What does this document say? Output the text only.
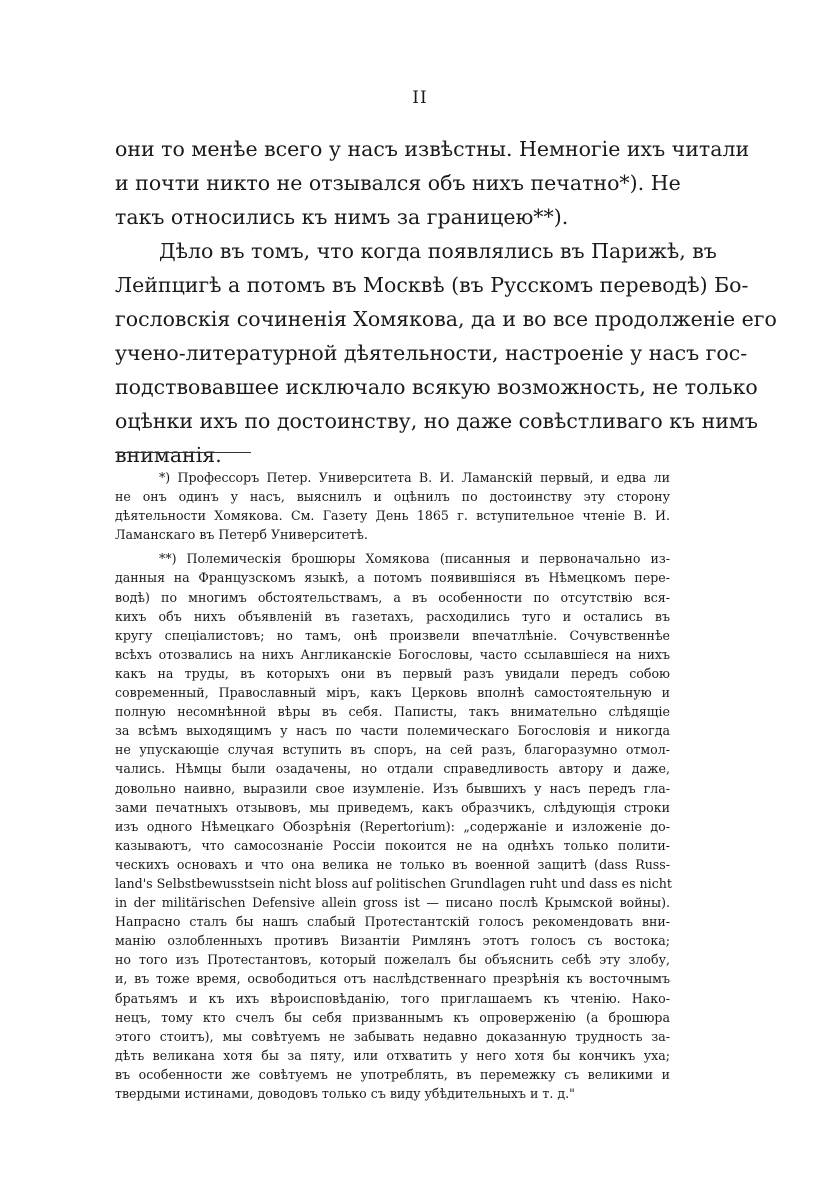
II
они то менѣе всего у насъ извѣстны. Немногіе ихъ читали
и почти никто не отзывался объ нихъ печатно*). Не
такъ относились къ нимъ за границею**).
Дѣло въ томъ, что когда появлялись въ Парижѣ, въ
Лейпцигѣ а потомъ въ Москвѣ (въ Русскомъ переводѣ) Бо-
гословскія сочиненія Хомякова, да и во все продолженіе его
учено-литературной дѣятельности, настроеніе у насъ гос-
подствовавшее исключало всякую возможность, не только
оцѣнки ихъ по достоинству, но даже совѣстливаго къ нимъ
вниманія.
*) Профессоръ Петер. Университета В. И. Ламанскій первый, и едва ли
не онъ одинъ у насъ, выяснилъ и оцѣнилъ по достоинству эту сторону
дѣятельности Хомякова. См. Газету День 1865 г. вступительное чтеніе В. И.
Ламанскаго въ Петерб Университетѣ.
**) Полемическія брошюры Хомякова (писанныя и первоначально из-
данныя на Французскомъ языкѣ, а потомъ появившіяся въ Нѣмецкомъ пере-
водѣ) по многимъ обстоятельствамъ, а въ особенности по отсутствію вся-
кихъ объ нихъ объявленій въ газетахъ, расходились туго и остались въ
кругу спеціалистовъ; но тамъ, онѣ произвели впечатлѣніе. Сочувственнѣе
всѣхъ отозвались на нихъ Англиканскіе Богословы, часто ссылавшіеся на нихъ
какъ на труды, въ которыхъ они въ первый разъ увидали передъ собою
современный, Православный міръ, какъ Церковь вполнѣ самостоятельную и
полную несомнѣнной вѣры въ себя. Паписты, такъ внимательно слѣдящіе
за всѣмъ выходящимъ у насъ по части полемическаго Богословія и никогда
не упускающіе случая вступить въ споръ, на сей разъ, благоразумно отмол-
чались. Нѣмцы были озадачены, но отдали справедливость автору и даже,
довольно наивно, выразили свое изумленіе. Изъ бывшихъ у насъ передъ гла-
зами печатныхъ отзывовъ, мы приведемъ, какъ образчикъ, слѣдующія строки
изъ одного Нѣмецкаго Обозрѣнія (Repertorium): „содержаніе и изложеніе до-
казываютъ, что самосознаніе Россіи покоится не на однѣхъ только полити-
ческихъ основахъ и что она велика не только въ военной защитѣ (dass Russ-
land's Selbstbewusstsein nicht bloss auf politischen Grundlagen ruht und dass es nicht
in der militärischen Defensive allein gross ist — писано послѣ Крымской войны).
Напрасно сталъ бы нашъ слабый Протестантскій голосъ рекомендовать вни-
манію озлобленныхъ противъ Византіи Римлянъ этотъ голосъ съ востока;
но того изъ Протестантовъ, который пожелалъ бы объяснить себѣ эту злобу,
и, въ тоже время, освободиться отъ наслѣдственнаго презрѣнія къ восточнымъ
братьямъ и къ ихъ вѣроисповѣданію, того приглашаемъ къ чтенію. Нако-
нецъ, тому кто счелъ бы себя призваннымъ къ опроверженію (а брошюра
этого стоитъ), мы совѣтуемъ не забывать недавно доказанную трудность за-
дѣть великана хотя бы за пяту, или отхватить у него хотя бы кончикъ уха;
въ особенности же совѣтуемъ не употреблять, въ перемежку съ великими и
твердыми истинами, доводовъ только съ виду убѣдительныхъ и т. д."
